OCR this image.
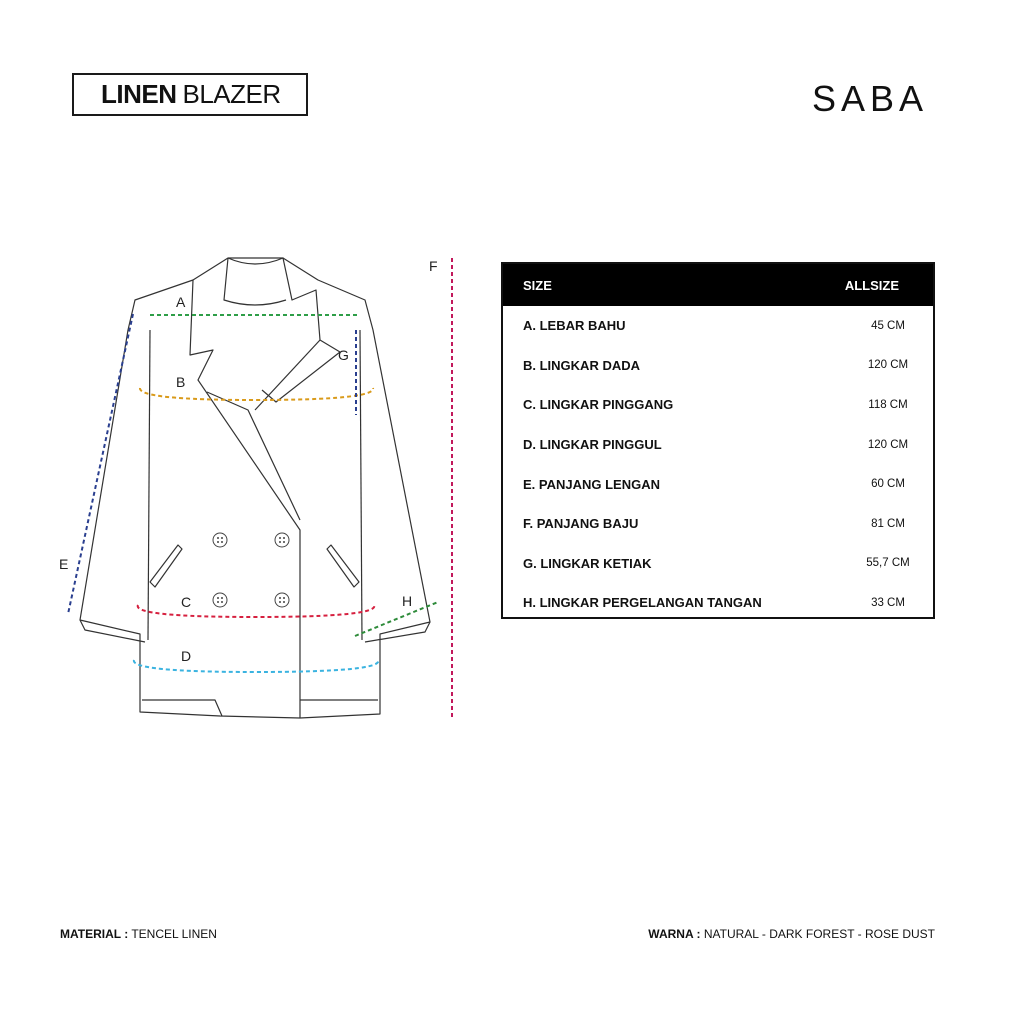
LINEN BLAZER	SABA
A
B
C
D
E
F
G
H
SIZE	ALLSIZE
A. LEBAR BAHU	45 CM
B. LINGKAR DADA	120 CM
C. LINGKAR PINGGANG	118 CM
D. LINGKAR PINGGUL	120 CM
E. PANJANG LENGAN	60 CM
F. PANJANG BAJU	81 CM
G. LINGKAR KETIAK	55,7 CM
H. LINGKAR PERGELANGAN TANGAN	33 CM
MATERIAL : TENCEL LINEN	WARNA : NATURAL - DARK FOREST - ROSE DUST
